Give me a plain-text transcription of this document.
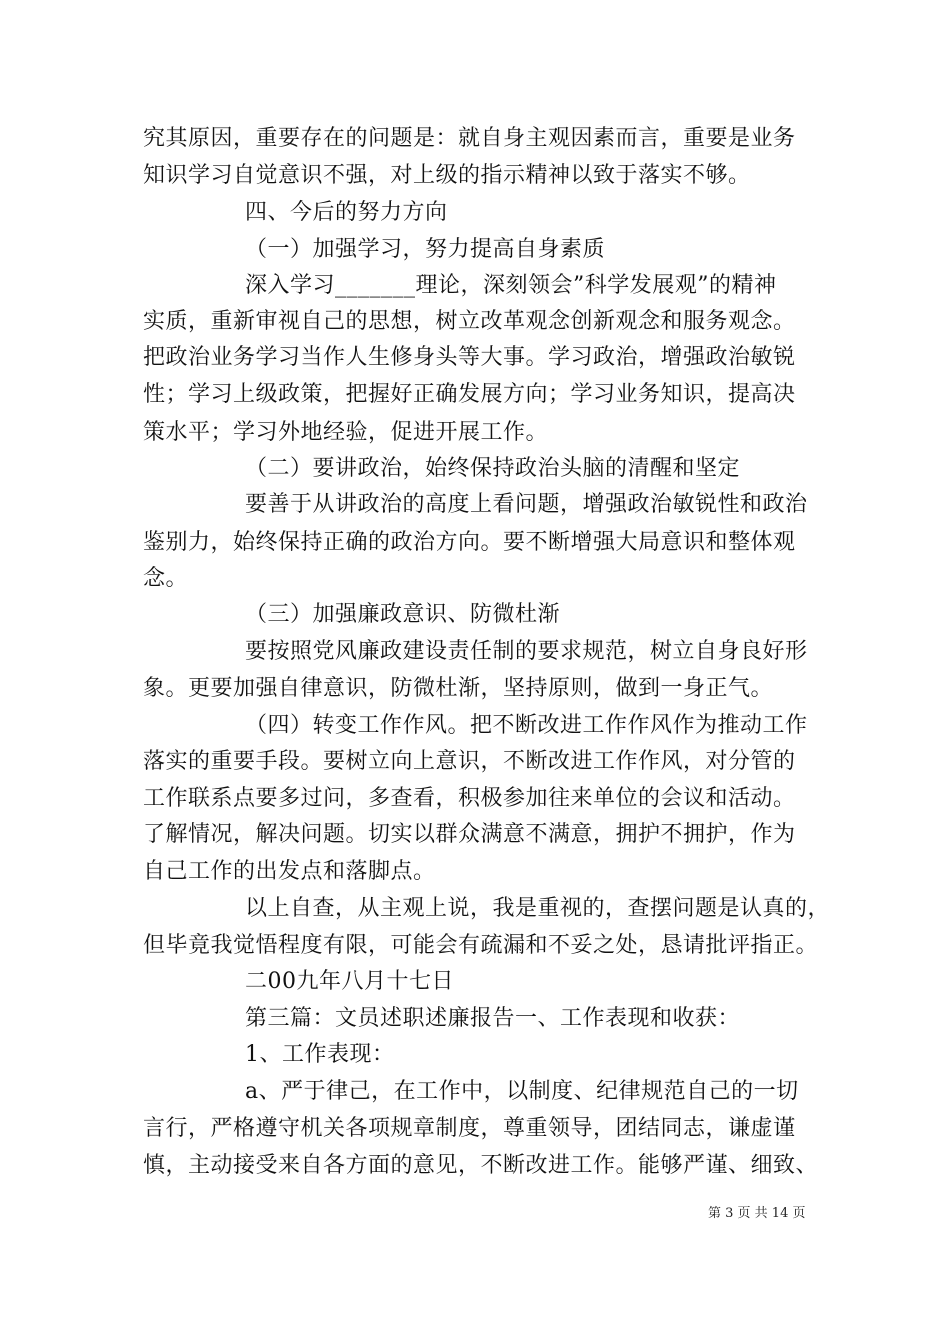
究其原因，重要存在的问题是：就自身主观因素而言，重要是业务
知识学习自觉意识不强，对上级的指示精神以致于落实不够。
四、今后的努力方向
（一）加强学习，努力提高自身素质
深入学习_______理论，深刻领会”科学发展观”的精神
实质，重新审视自己的思想，树立改革观念创新观念和服务观念。
把政治业务学习当作人生修身头等大事。学习政治，增强政治敏锐
性；学习上级政策，把握好正确发展方向；学习业务知识，提高决
策水平；学习外地经验，促进开展工作。
（二）要讲政治，始终保持政治头脑的清醒和坚定
要善于从讲政治的高度上看问题，增强政治敏锐性和政治
鉴别力，始终保持正确的政治方向。要不断增强大局意识和整体观
念。
（三）加强廉政意识、防微杜渐
要按照党风廉政建设责任制的要求规范，树立自身良好形
象。更要加强自律意识，防微杜渐，坚持原则，做到一身正气。
（四）转变工作作风。把不断改进工作作风作为推动工作
落实的重要手段。要树立向上意识，不断改进工作作风，对分管的
工作联系点要多过问，多查看，积极参加往来单位的会议和活动。
了解情况，解决问题。切实以群众满意不满意，拥护不拥护，作为
自己工作的出发点和落脚点。
以上自查，从主观上说，我是重视的，查摆问题是认真的，
但毕竟我觉悟程度有限，可能会有疏漏和不妥之处，恳请批评指正。
二00九年八月十七日
第三篇：文员述职述廉报告一、工作表现和收获：
1、工作表现：
a、严于律己，在工作中，以制度、纪律规范自己的一切
言行，严格遵守机关各项规章制度，尊重领导，团结同志，谦虚谨
慎，主动接受来自各方面的意见，不断改进工作。能够严谨、细致、
第 3 页 共 14 页
